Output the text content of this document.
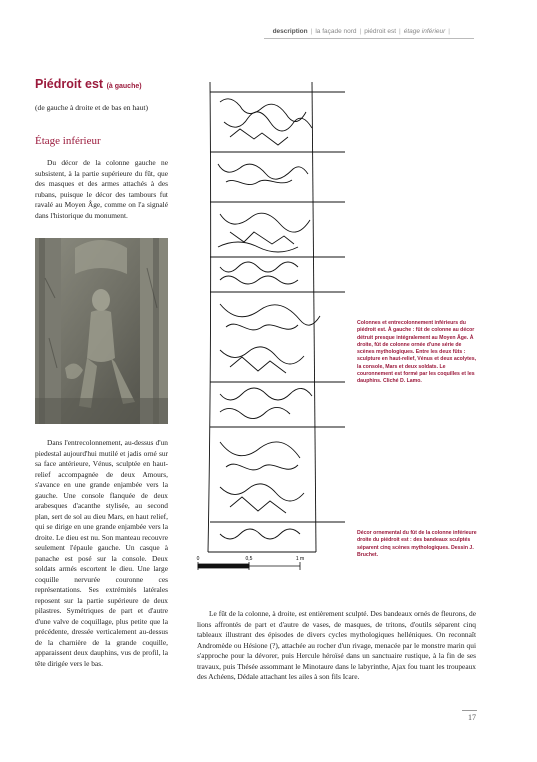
description | la façade nord | piédroit est | étage inférieur |
Piédroit est (à gauche)
(de gauche à droite et de bas en haut)
Étage inférieur
Du décor de la colonne gauche ne subsistent, à la partie supérieure du fût, que des masques et des armes attachés à des rubans, puisque le décor des tambours fut ravalé au Moyen Âge, comme on l'a signalé dans l'historique du monument.
Dans l'entrecolonnement, au-dessus d'un piedestal aujourd'hui mutilé et jadis orné sur sa face antérieure, Vénus, sculptée en haut-relief accompagnée de deux Amours, s'avance en une grande enjambée vers la gauche. Une console flanquée de deux arabesques d'acanthe stylisée, au second plan, sert de sol au dieu Mars, en haut relief, qui se dirige en une grande enjambée vers la droite. Le dieu est nu. Son manteau recouvre seulement l'épaule gauche. Un casque à panache est posé sur la console. Deux soldats armés escortent le dieu. Une large coquille nervurée couronne ces représentations. Ses extrémités latérales reposent sur la partie supérieure de deux pilastres. Symétriques de part et d'autre d'une valve de coquillage, plus petite que la précédente, dressée verticalement au-dessus de la charnière de la grande coquille, apparaissent deux dauphins, vus de profil, la tête dirigée vers le bas.
0	0,5	1 m
Colonnes et entrecolonnement inférieurs du piédroit est. À gauche : fût de colonne au décor détruit presque intégralement au Moyen Âge. À droite, fût de colonne ornée d'une série de scènes mythologiques. Entre les deux fûts : sculpture en haut-relief, Vénus et deux acolytes, la console, Mars et deux soldats. Le couronnement est formé par les coquilles et les dauphins. Cliché D. Lamo.
Décor ornemental du fût de la colonne inférieure droite du piédroit est : des bandeaux sculptés séparent cinq scènes mythologiques. Dessin J. Bruchet.
Le fût de la colonne, à droite, est entièrement sculpté. Des bandeaux ornés de fleurons, de lions affrontés de part et d'autre de vases, de masques, de tritons, d'outils séparent cinq tableaux illustrant des épisodes de divers cycles mythologiques helléniques. On reconnaît Andromède ou Hésione (?), attachée au rocher d'un rivage, menacée par le monstre marin qui s'approche pour la dévorer, puis Hercule héroïsé dans un sanctuaire rustique, à la fin de ses travaux, puis Thésée assommant le Minotaure dans le labyrinthe, Ajax fou tuant les troupeaux des Achéens, Dédale attachant les ailes à son fils Icare.
17
